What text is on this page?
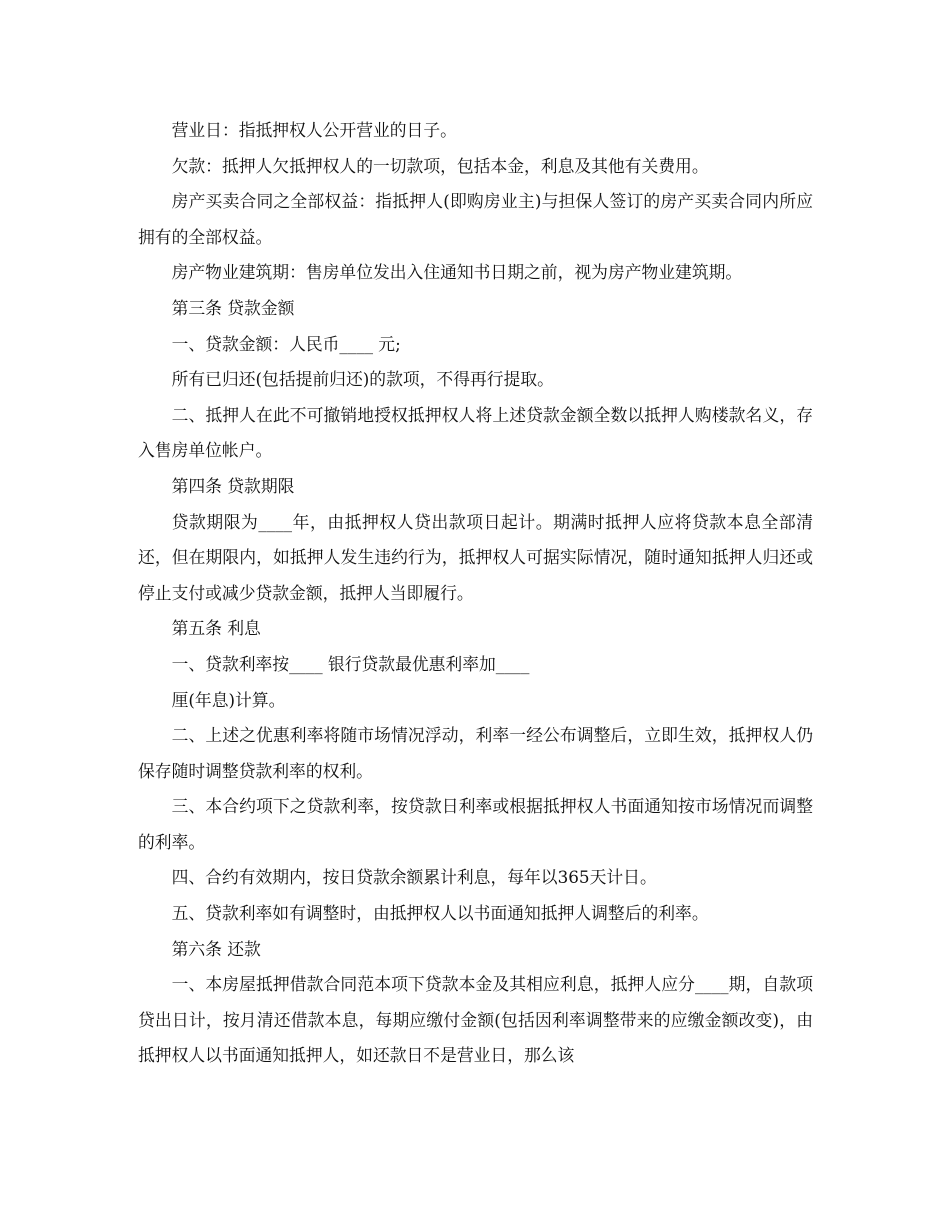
营业日：指抵押权人公开营业的日子。

欠款：抵押人欠抵押权人的一切款项，包括本金，利息及其他有关费用。

房产买卖合同之全部权益：指抵押人(即购房业主)与担保人签订的房产买卖合同内所应拥有的全部权益。

房产物业建筑期：售房单位发出入住通知书日期之前，视为房产物业建筑期。

第三条 贷款金额

一、贷款金额：人民币____ 元;

所有已归还(包括提前归还)的款项，不得再行提取。

二、抵押人在此不可撤销地授权抵押权人将上述贷款金额全数以抵押人购楼款名义，存入售房单位帐户。

第四条 贷款期限

贷款期限为____年，由抵押权人贷出款项日起计。期满时抵押人应将贷款本息全部清还，但在期限内，如抵押人发生违约行为，抵押权人可据实际情况，随时通知抵押人归还或停止支付或减少贷款金额，抵押人当即履行。

第五条 利息

一、贷款利率按____ 银行贷款最优惠利率加____

厘(年息)计算。

二、上述之优惠利率将随市场情况浮动，利率一经公布调整后，立即生效，抵押权人仍保存随时调整贷款利率的权利。

三、本合约项下之贷款利率，按贷款日利率或根据抵押权人书面通知按市场情况而调整的利率。

四、合约有效期内，按日贷款余额累计利息，每年以365天计日。

五、贷款利率如有调整时，由抵押权人以书面通知抵押人调整后的利率。

第六条 还款

一、本房屋抵押借款合同范本项下贷款本金及其相应利息，抵押人应分____期，自款项贷出日计，按月清还借款本息，每期应缴付金额(包括因利率调整带来的应缴金额改变)，由抵押权人以书面通知抵押人，如还款日不是营业日，那么该
